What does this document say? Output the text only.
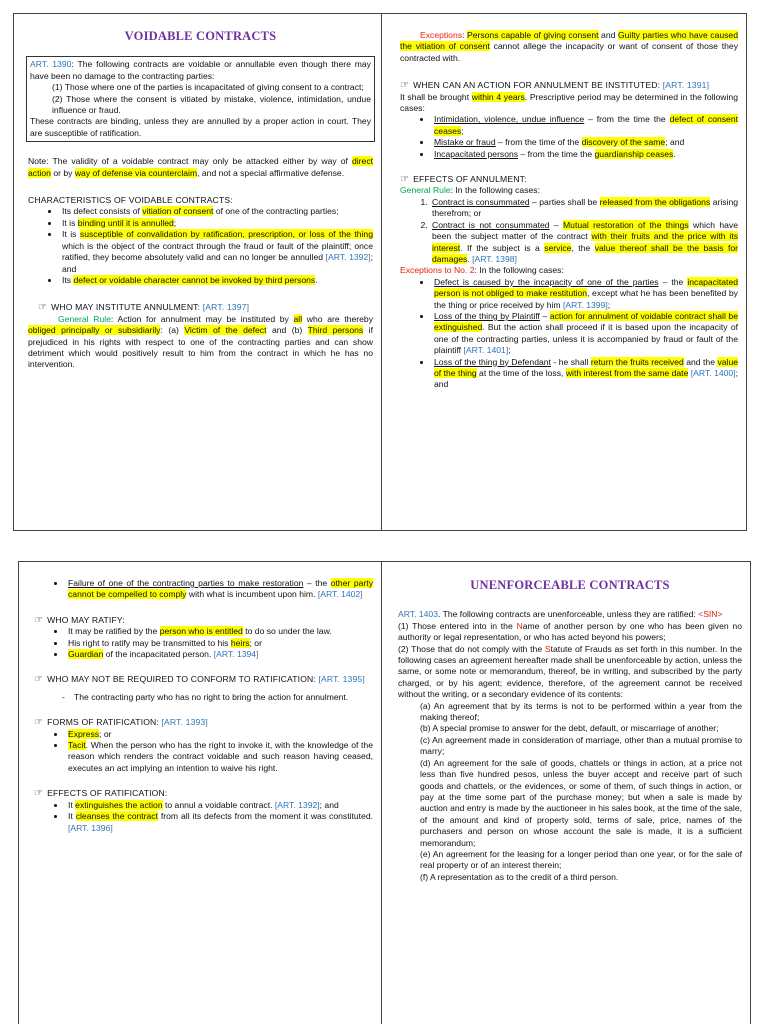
VOIDABLE CONTRACTS

ART. 1390: The following contracts are voidable or annullable even though there may have been no damage to the contracting parties:

(1) Those where one of the parties is incapacitated of giving consent to a contract;

(2) Those where the consent is vitiated by mistake, violence, intimidation, undue influence or fraud.

These contracts are binding, unless they are annulled by a proper action in court. They are susceptible of ratification.

Note: The validity of a voidable contract may only be attacked either by way of direct action or by way of defense via counterclaim, and not a special affirmative defense.

CHARACTERISTICS OF VOIDABLE CONTRACTS:
• Its defect consists of vitiation of consent of one of the contracting parties;
• It is binding until it is annulled;
• It is susceptible of convalidation by ratification, prescription, or loss of the thing which is the object of the contract through the fraud or fault of the plaintiff; once ratified, they become absolutely valid and can no longer be annulled [ART. 1392]; and
• Its defect or voidable character cannot be invoked by third persons.
☞ WHO MAY INSTITUTE ANNULMENT: [ART. 1397]

General Rule: Action for annulment may be instituted by all who are thereby obliged principally or subsidiarily: (a) Victim of the defect and (b) Third persons if prejudiced in his rights with respect to one of the contracting parties and can show detriment which would positively result to him from the contract in which he has no intervention.

Exceptions: Persons capable of giving consent and Guilty parties who have caused the vitiation of consent cannot allege the incapacity or want of consent of those they contracted with.

☞ WHEN CAN AN ACTION FOR ANNULMENT BE INSTITUTED: [ART. 1391]

It shall be brought within 4 years. Prescriptive period may be determined in the following cases:

• Intimidation, violence, undue influence – from the time the defect of consent ceases;
• Mistake or fraud – from the time of the discovery of the same; and
• Incapacitated persons – from the time the guardianship ceases.
☞ EFFECTS OF ANNULMENT:

General Rule: In the following cases:

1. Contract is consummated – parties shall be released from the obligations arising therefrom; or
2. Contract is not consummated – Mutual restoration of the things which have been the subject matter of the contract with their fruits and the price with its interest. If the subject is a service, the value thereof shall be the basis for damages. [ART. 1398]

Exceptions to No. 2: In the following cases:

• Defect is caused by the incapacity of one of the parties – the incapacitated person is not obliged to make restitution, except what he has been benefited by the thing or price received by him [ART. 1399];
• Loss of the thing by Plaintiff – action for annulment of voidable contract shall be extinguished. But the action shall proceed if it is based upon the incapacity of one of the contracting parties, unless it is accompanied by fraud or fault of the plaintiff [ART. 1401];
• Loss of the thing by Defendant - he shall return the fruits received and the value of the thing at the time of the loss, with interest from the same date [ART. 1400]; and
• Failure of one of the contracting parties to make restoration – the other party cannot be compelled to comply with what is incumbent upon him. [ART. 1402]
☞ WHO MAY RATIFY:
• It may be ratified by the person who is entitled to do so under the law.
• His right to ratify may be transmitted to his heirs; or
• Guardian of the incapacitated person. [ART. 1394]
☞ WHO MAY NOT BE REQUIRED TO CONFORM TO RATIFICATION: [ART. 1395]
- The contracting party who has no right to bring the action for annulment.
☞ FORMS OF RATIFICATION: [ART. 1393]
• Express; or
• Tacit. When the person who has the right to invoke it, with the knowledge of the reason which renders the contract voidable and such reason having ceased, executes an act implying an intention to waive his right.
☞ EFFECTS OF RATIFICATION:
• It extinguishes the action to annul a voidable contract. [ART. 1392]; and
• It cleanses the contract from all its defects from the moment it was constituted. [ART. 1396]
UNENFORCEABLE CONTRACTS

ART. 1403. The following contracts are unenforceable, unless they are ratified: <SIN>

(1) Those entered into in the Name of another person by one who has been given no authority or legal representation, or who has acted beyond his powers;

(2) Those that do not comply with the Statute of Frauds as set forth in this number. In the following cases an agreement hereafter made shall be unenforceable by action, unless the same, or some note or memorandum, thereof, be in writing, and subscribed by the party charged, or by his agent; evidence, therefore, of the agreement cannot be received without the writing, or a secondary evidence of its contents:

(a) An agreement that by its terms is not to be performed within a year from the making thereof;

(b) A special promise to answer for the debt, default, or miscarriage of another;

(c) An agreement made in consideration of marriage, other than a mutual promise to marry;

(d) An agreement for the sale of goods, chattels or things in action, at a price not less than five hundred pesos, unless the buyer accept and receive part of such goods and chattels, or the evidences, or some of them, of such things in action, or pay at the time some part of the purchase money; but when a sale is made by auction and entry is made by the auctioneer in his sales book, at the time of the sale, of the amount and kind of property sold, terms of sale, price, names of the purchasers and person on whose account the sale is made, it is a sufficient memorandum;

(e) An agreement for the leasing for a longer period than one year, or for the sale of real property or of an interest therein;

(f) A representation as to the credit of a third person.
